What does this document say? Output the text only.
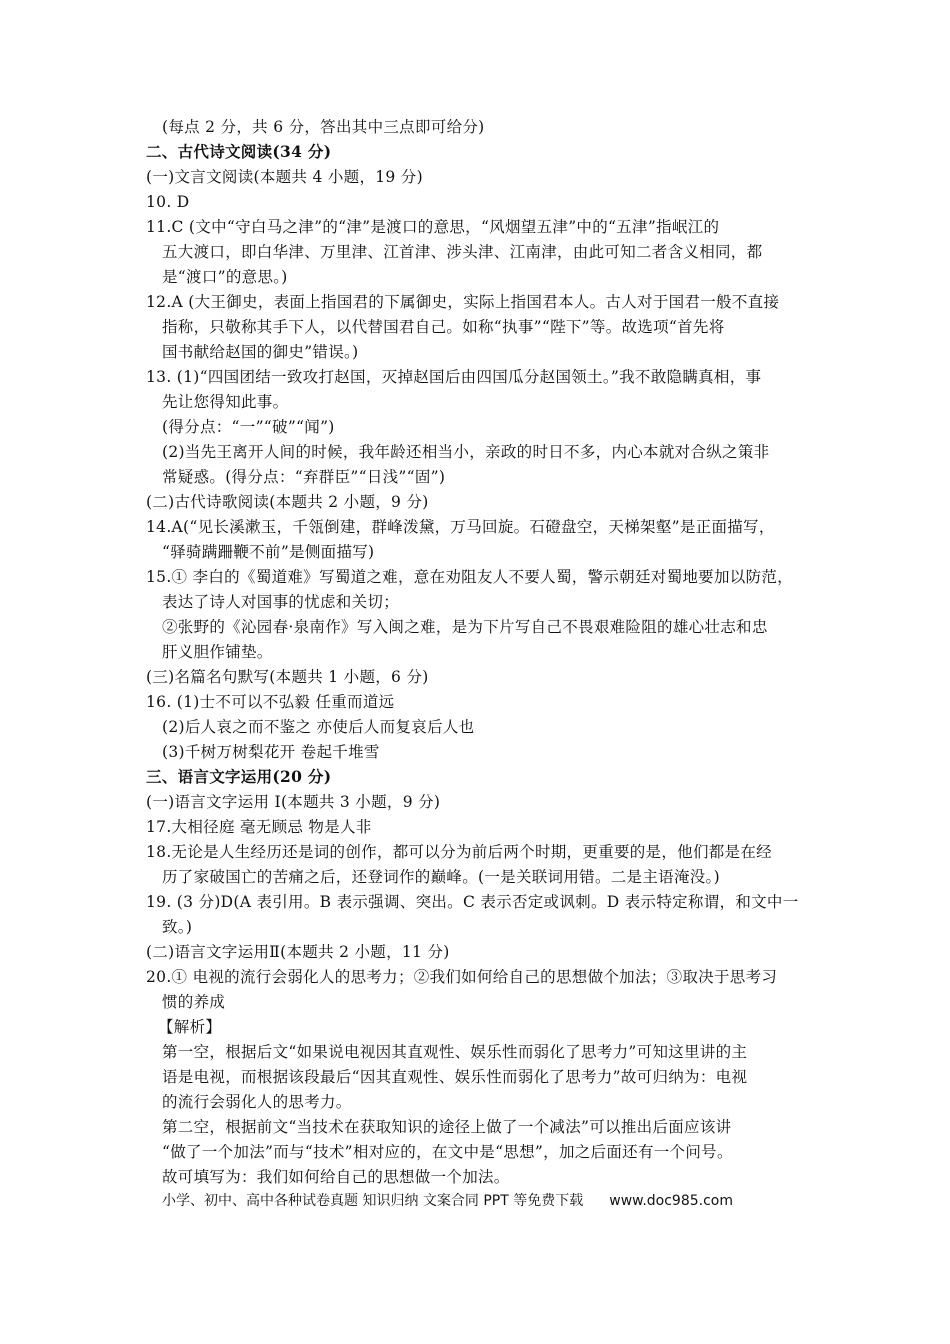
(每点 2 分，共 6 分，答出其中三点即可给分)
二、古代诗文阅读(34 分)
(一)文言文阅读(本题共 4 小题，19 分)
10. D
11.C (文中“守白马之津”的“津”是渡口的意思，“风烟望五津”中的“五津”指岷江的
五大渡口，即白华津、万里津、江首津、涉头津、江南津，由此可知二者含义相同，都
是“渡口”的意思。)
12.A (大王御史，表面上指国君的下属御史，实际上指国君本人。古人对于国君一般不直接
指称，只敬称其手下人，以代替国君自己。如称“执事”“陛下”等。故选项“首先将
国书献给赵国的御史”错误。)
13. (1)“四国团结一致攻打赵国，灭掉赵国后由四国瓜分赵国领土。”我不敢隐瞒真相，事
先让您得知此事。
(得分点：“一”“破”“闻”)
(2)当先王离开人间的时候，我年龄还相当小，亲政的时日不多，内心本就对合纵之策非
常疑惑。(得分点：“弃群臣”“日浅”“固”)
(二)古代诗歌阅读(本题共 2 小题，9 分)
14.A(“见长溪漱玉，千瓴倒建，群峰泼黛，万马回旋。石磴盘空，天梯架壑”是正面描写，
“驿骑蹒跚鞭不前”是侧面描写)
15.① 李白的《蜀道难》写蜀道之难，意在劝阻友人不要人蜀，警示朝廷对蜀地要加以防范，
表达了诗人对国事的忧虑和关切；
②张野的《沁园春·泉南作》写入闽之难，是为下片写自己不畏艰难险阻的雄心壮志和忠
肝义胆作铺垫。
(三)名篇名句默写(本题共 1 小题，6 分)
16. (1)士不可以不弘毅 任重而道远
(2)后人哀之而不鉴之 亦使后人而复哀后人也
(3)千树万树梨花开 卷起千堆雪
三、语言文字运用(20 分)
(一)语言文字运用 I(本题共 3 小题，9 分)
17.大相径庭 毫无顾忌 物是人非
18.无论是人生经历还是词的创作，都可以分为前后两个时期，更重要的是，他们都是在经
历了家破国亡的苦痛之后，还登词作的巅峰。(一是关联词用错。二是主语淹没。)
19. (3 分)D(A 表引用。B 表示强调、突出。C 表示否定或讽刺。D 表示特定称谓，和文中一
致。)
(二)语言文字运用Ⅱ(本题共 2 小题，11 分)
20.① 电视的流行会弱化人的思考力；②我们如何给自己的思想做个加法；③取决于思考习
惯的养成
【解析】
第一空，根据后文“如果说电视因其直观性、娱乐性而弱化了思考力”可知这里讲的主
语是电视，而根据该段最后“因其直观性、娱乐性而弱化了思考力”故可归纳为：电视
的流行会弱化人的思考力。
第二空，根据前文“当技术在获取知识的途径上做了一个减法”可以推出后面应该讲
“做了一个加法”而与“技术”相对应的，在文中是“思想”，加之后面还有一个问号。
故可填写为：我们如何给自己的思想做一个加法。
小学、初中、高中各种试卷真题 知识归纳 文案合同 PPT 等免费下载 www.doc985.com
